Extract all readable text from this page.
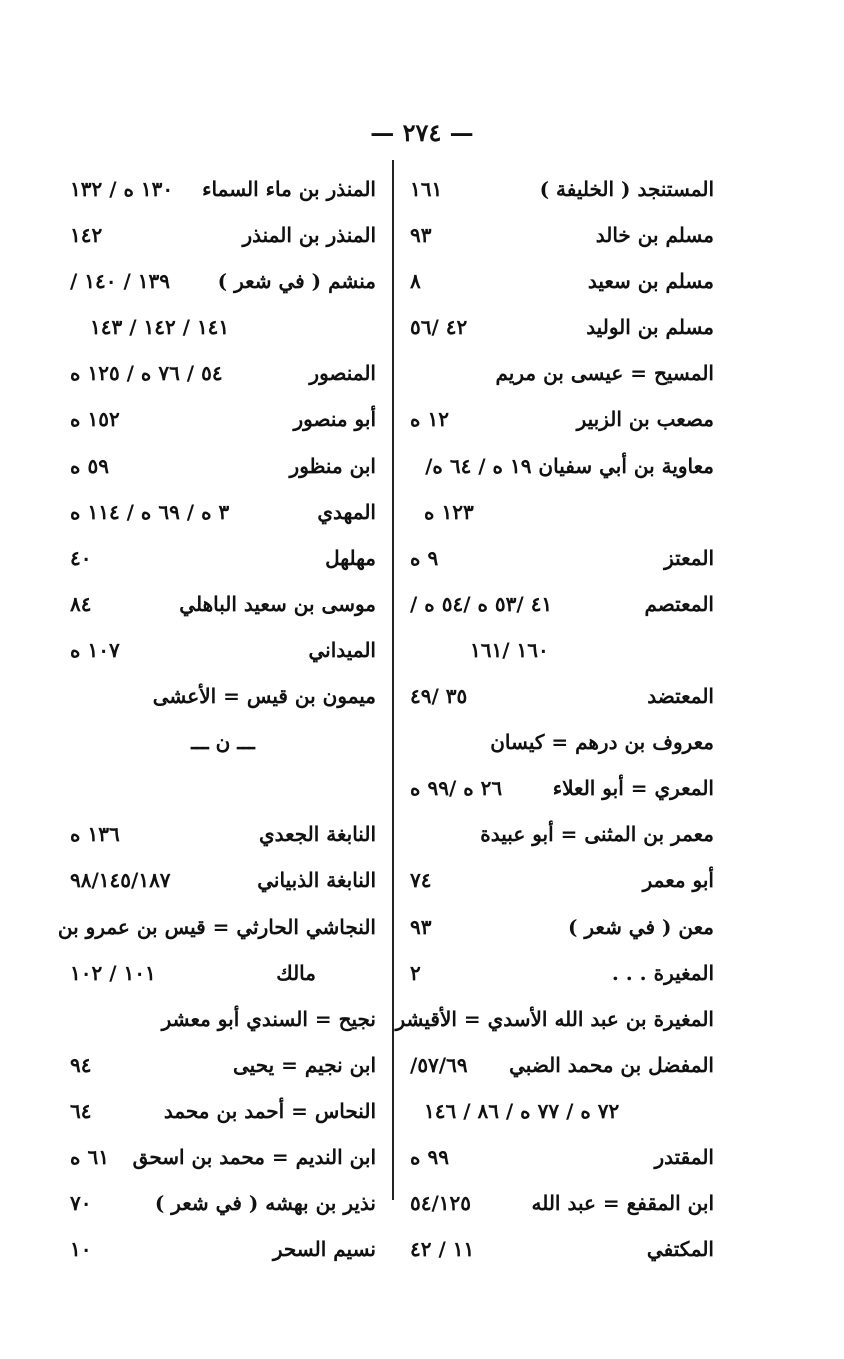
— ٢٧٤ —
المستنجد ( الخليفة )
١٦١
مسلم بن خالد
٩٣
مسلم بن سعيد
٨
مسلم بن الوليد
٤٢ /٥٦
المسيح = عيسى بن مريم
مصعب بن الزبير
١٢ ه
معاوية بن أبي سفيان ١٩ ه / ٦٤ ه/
١٢٣ ه
المعتز
٩ ه
المعتصم
٤١ /٥٣ ه /٥٤ ه /
١٦٠ /١٦١
المعتضد
٣٥ /٤٩
معروف بن درهم = كيسان
المعري = أبو العلاء
٢٦ ه /٩٩ ه
معمر بن المثنى = أبو عبيدة
أبو معمر
٧٤
معن ( في شعر )
٩٣
المغيرة . . .
٢
المغيرة بن عبد الله الأسدي = الأقيشر
المفضل بن محمد الضبي
٥٧/٦٩/
٧٢ ه / ٧٧ ه / ٨٦ / ١٤٦
المقتدر
٩٩ ه
ابن المقفع = عبد الله
٥٤/١٢٥
المكتفي
١١ / ٤٢
المنذر بن ماء السماء
١٣٠ ه / ١٣٢
المنذر بن المنذر
١٤٢
منشم ( في شعر )
١٣٩ / ١٤٠ /
١٤١ / ١٤٢ / ١٤٣
المنصور
٥٤ / ٧٦ ه / ١٢٥ ه
أبو منصور
١٥٢ ه
ابن منظور
٥٩ ه
المهدي
٣ ه / ٦٩ ه / ١١٤ ه
مهلهل
٤٠
موسى بن سعيد الباهلي
٨٤
الميداني
١٠٧ ه
ميمون بن قيس = الأعشى
ـــ ن ـــ
النابغة الجعدي
١٣٦ ه
النابغة الذبياني
٩٨/١٤٥/١٨٧
النجاشي الحارثي = قيس بن عمرو بن
مالك
١٠١ / ١٠٢
نجيح = السندي أبو معشر
ابن نجيم = يحيى
٩٤
النحاس = أحمد بن محمد
٦٤
ابن النديم = محمد بن اسحق
٦١ ه
نذير بن بهشه ( في شعر )
٧٠
نسيم السحر
١٠
